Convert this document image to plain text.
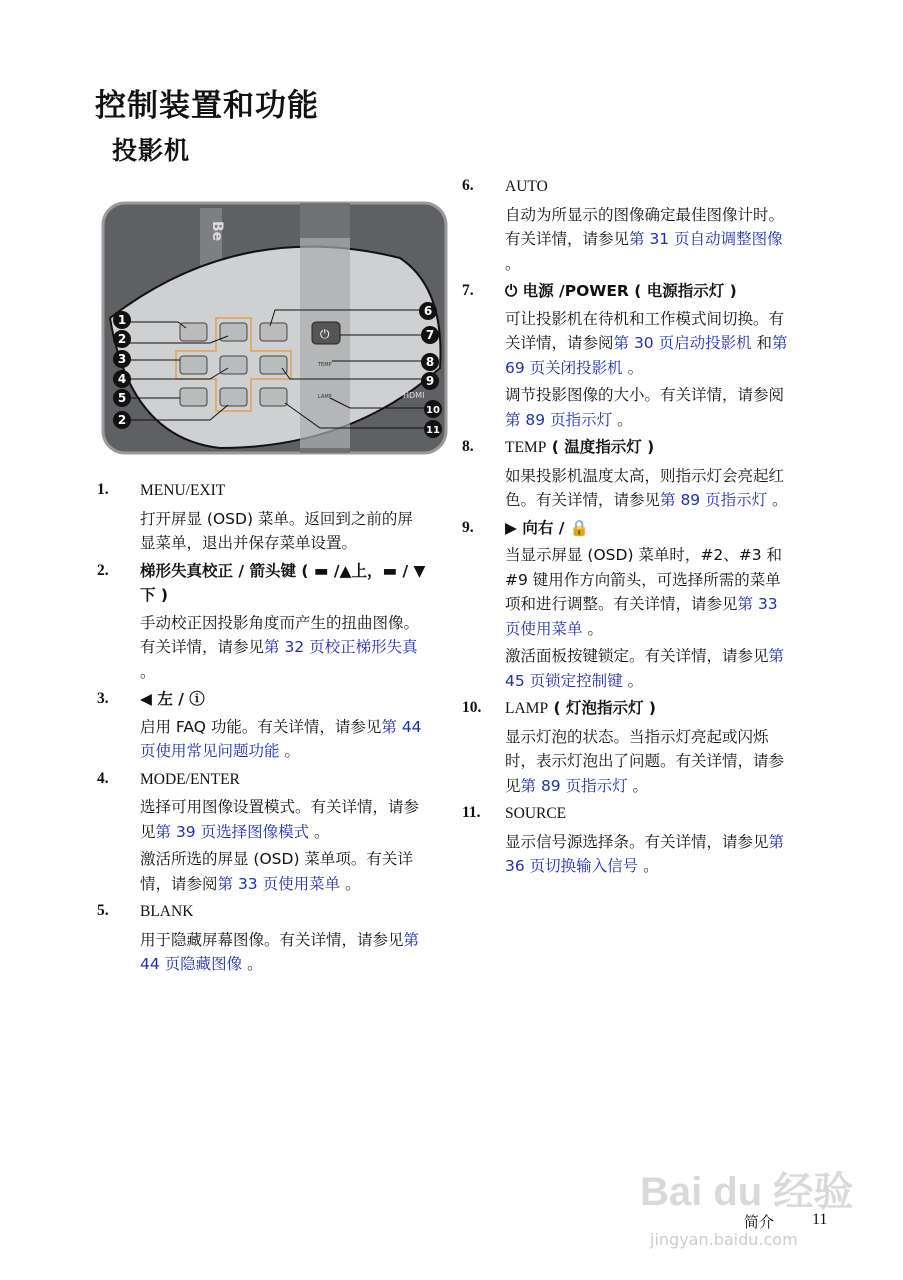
控制装置和功能
投影机
Be
⏻
TEMP
LAMP	HDMI
1
2
3
4
5
2
6
7
8
9
10
11
1.	MENU/EXIT
打开屏显 (OSD) 菜单。返回到之前的屏显菜单，退出并保存菜单设置。
2.	梯形失真校正 / 箭头键 ( ▬ /▲上，▬ / ▼ 下 )
手动校正因投影角度而产生的扭曲图像。有关详情，请参见第 32 页校正梯形失真 。
3.	◀ 左 / ⓘ
启用 FAQ 功能。有关详情，请参见第 44 页使用常见问题功能 。
4.	MODE/ENTER
选择可用图像设置模式。有关详情，请参见第 39 页选择图像模式 。
激活所选的屏显 (OSD) 菜单项。有关详情，请参阅第 33 页使用菜单 。
5.	BLANK
用于隐藏屏幕图像。有关详情，请参见第 44 页隐藏图像 。
6.	AUTO
自动为所显示的图像确定最佳图像计时。有关详情，请参见第 31 页自动调整图像 。
7.	⏻ 电源 /POWER ( 电源指示灯 )
可让投影机在待机和工作模式间切换。有关详情，请参阅第 30 页启动投影机 和第 69 页关闭投影机 。
调节投影图像的大小。有关详情，请参阅第 89 页指示灯 。
8.	TEMP ( 温度指示灯 )
如果投影机温度太高，则指示灯会亮起红色。有关详情，请参见第 89 页指示灯 。
9.	▶ 向右 / 🔒
当显示屏显 (OSD) 菜单时，#2、#3 和 #9 键用作方向箭头，可选择所需的菜单项和进行调整。有关详情，请参见第 33 页使用菜单 。
激活面板按键锁定。有关详情，请参见第 45 页锁定控制键 。
10.	LAMP ( 灯泡指示灯 )
显示灯泡的状态。当指示灯亮起或闪烁时，表示灯泡出了问题。有关详情，请参见第 89 页指示灯 。
11.	SOURCE
显示信号源选择条。有关详情，请参见第 36 页切换输入信号 。
Bai du 经验
jingyan.baidu.com
简介 11
